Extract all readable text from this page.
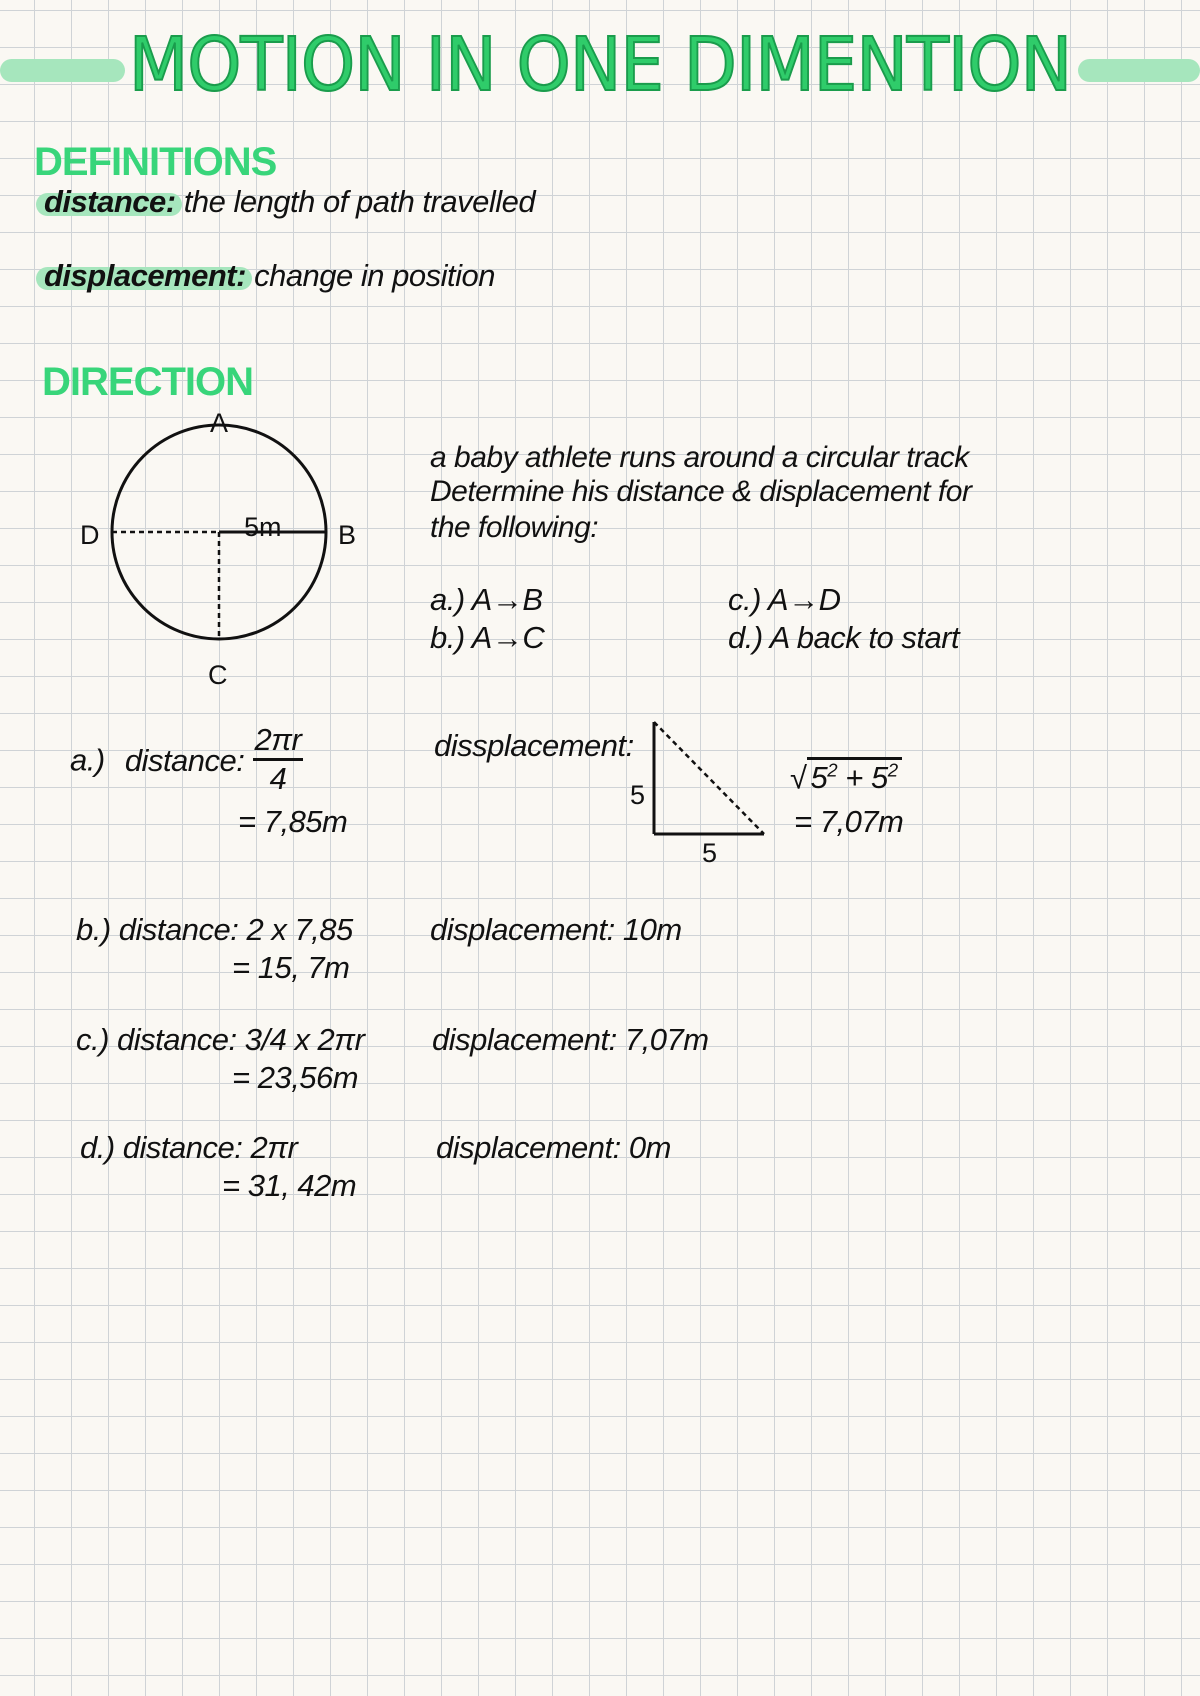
MOTION IN ONE DIMENTION
DEFINITIONS
distance: the length of path travelled
displacement: change in position
DIRECTION
A
D	B
C
5m
a baby athlete runs around a circular track
Determine his distance & displacement for
the following:
a.) A→B
b.) A→C
c.) A→D
d.) A back to start
a.) distance: $\frac{2\pi r}{4}$
= 7,85m
dissplacement:
5
5
√ $5^2 + 5^2$
= 7,07m
b.) distance: 2 x 7,85
= 15, 7m
displacement: 10m
c.) distance: 3/4 x 2πr
= 23,56m
displacement: 7,07m
d.) distance: 2πr
= 31, 42m
displacement: 0m
